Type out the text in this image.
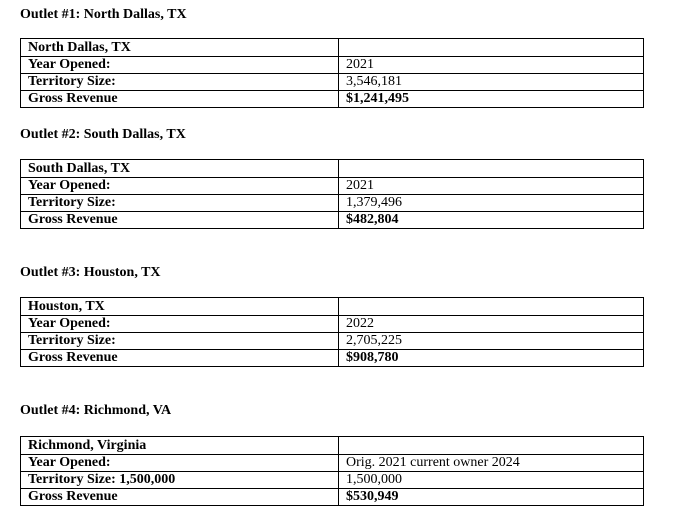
Outlet #1: North Dallas, TX
North Dallas, TX	
Year Opened:	2021
Territory Size:	3,546,181
Gross Revenue	$1,241,495
Outlet #2: South Dallas, TX
South Dallas, TX	
Year Opened:	2021
Territory Size:	1,379,496
Gross Revenue	$482,804
Outlet #3: Houston, TX
Houston, TX	
Year Opened:	2022
Territory Size:	2,705,225
Gross Revenue	$908,780
Outlet #4: Richmond, VA
Richmond, Virginia	
Year Opened:	Orig. 2021 current owner 2024
Territory Size: 1,500,000	1,500,000
Gross Revenue	$530,949
